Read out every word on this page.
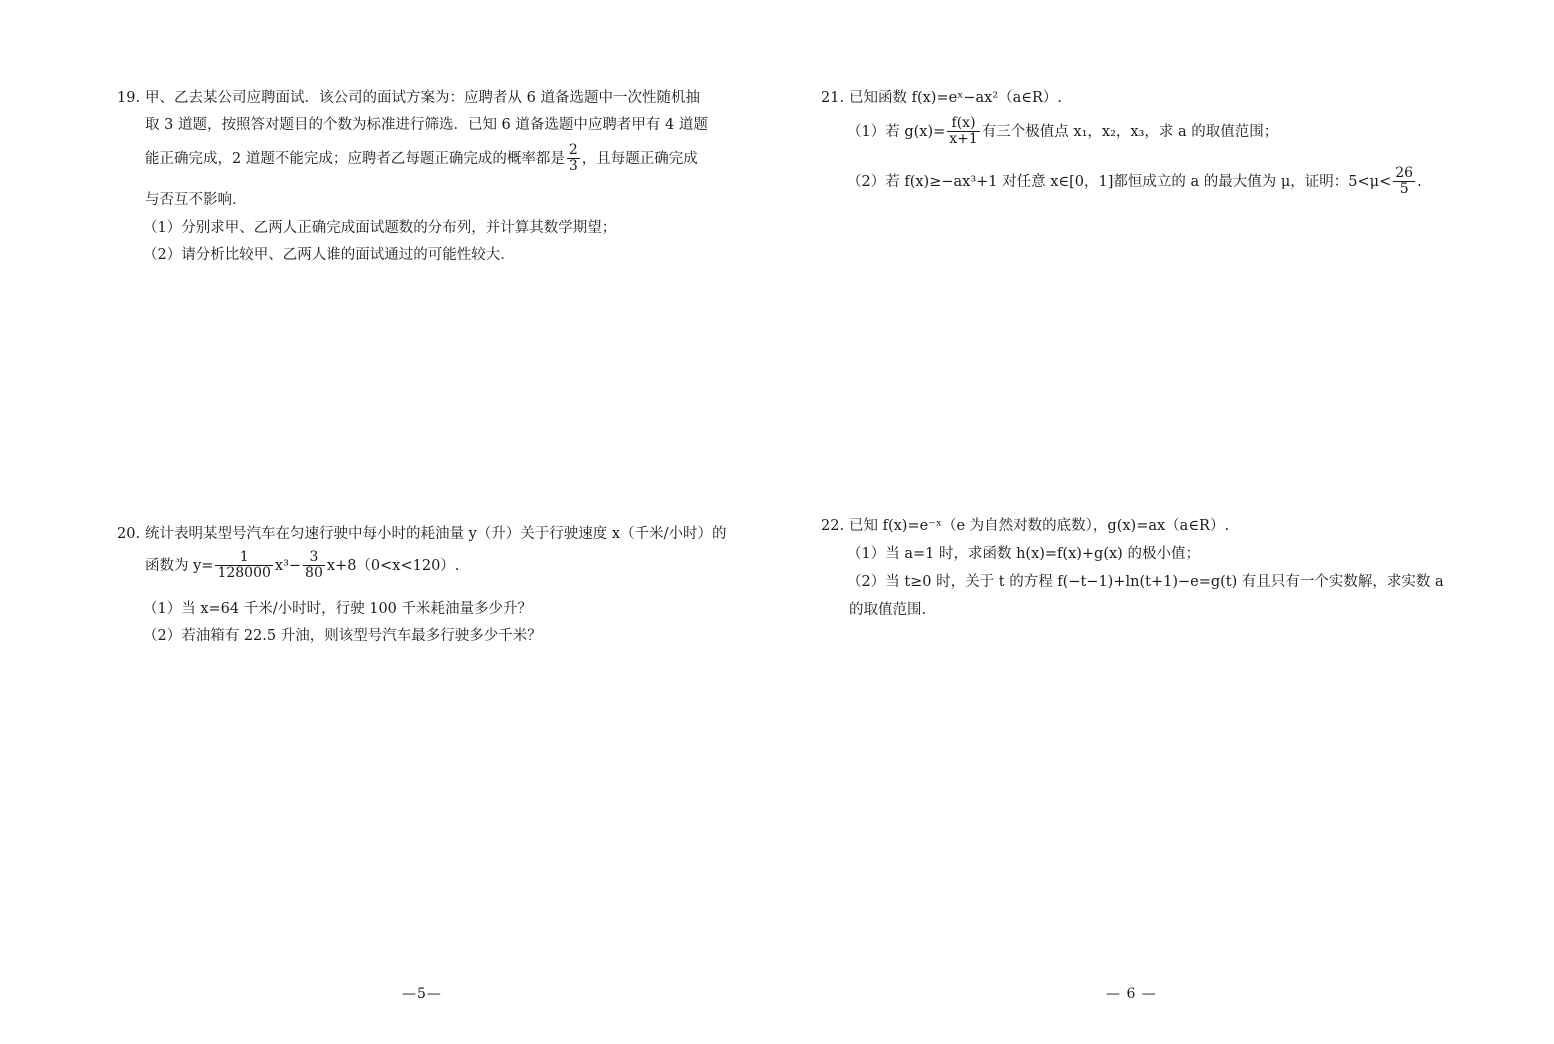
19. 甲、乙去某公司应聘面试．该公司的面试方案为：应聘者从 6 道备选题中一次性随机抽
取 3 道题，按照答对题目的个数为标准进行筛选．已知 6 道备选题中应聘者甲有 4 道题
能正确完成，2 道题不能完成；应聘者乙每题正确完成的概率都是 $\frac{2}{3}$ ，且每题正确完成
与否互不影响．
（1）分别求甲、乙两人正确完成面试题数的分布列，并计算其数学期望；
（2）请分析比较甲、乙两人谁的面试通过的可能性较大．
20. 统计表明某型号汽车在匀速行驶中每小时的耗油量 y（升）关于行驶速度 x（千米/小时）的
函数为 $y= \frac{1}{128000} x^3- \frac{3}{80} x+8(0<x<120)$.
（1）当 x=64 千米/小时时，行驶 100 千米耗油量多少升？
（2）若油箱有 22.5 升油，则该型号汽车最多行驶多少千米？
21. 已知函数 f(x)=eˣ−ax²（a∈R）.
（1）若 $g(x)= \frac{f(x)}{x+1}$ 有三个极值点 x₁，x₂，x₃，求 a 的取值范围；
（2）若 f(x)≥−ax³+1 对任意 x∈[0，1]都恒成立的 a 的最大值为 μ，证明：$5<\mu< \frac{26}{5}$ .
22. 已知 f(x)=e⁻ˣ（e 为自然对数的底数），g(x)=ax（a∈R）.
（1）当 a=1 时，求函数 h(x)=f(x)+g(x) 的极小值；
（2）当 t≥0 时，关于 t 的方程 f(−t−1)+ln(t+1)−e=g(t) 有且只有一个实数解，求实数 a
的取值范围.
—5—	— 6 —
